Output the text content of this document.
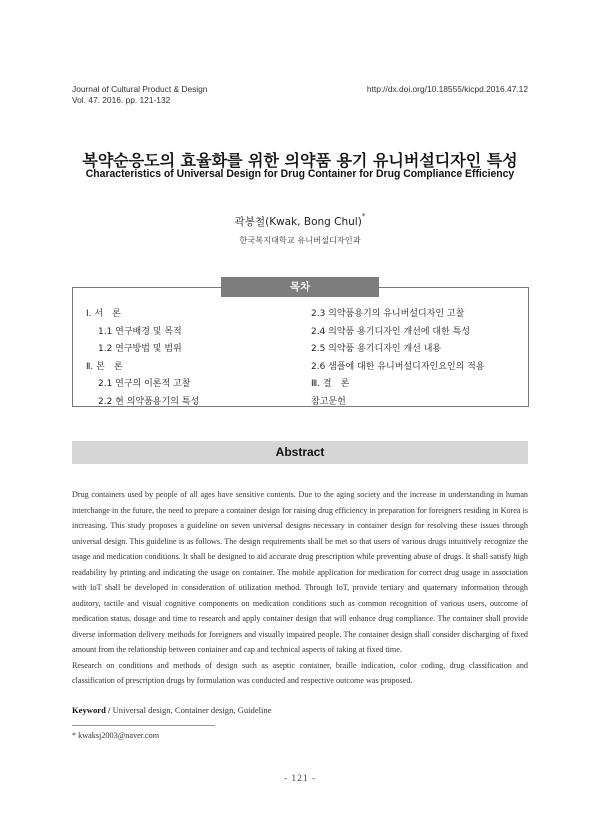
Journal of Cultural Product & Design
Vol. 47. 2016. pp. 121-132
http://dx.doi.org/10.18555/kicpd.2016.47.12
복약순응도의 효율화를 위한 의약품 용기 유니버설디자인 특성
Characteristics of Universal Design for Drug Container for Drug Compliance Efficiency
곽봉철(Kwak, Bong Chul)*
한국복지대학교 유니버설디자인과
목차
Ⅰ. 서　론
1.1 연구배경 및 목적
1.2 연구방법 및 범위
Ⅱ. 본　론
2.1 연구의 이론적 고찰
2.2 현 의약품용기의 특성
2.3 의약품용기의 유니버설디자인 고찰
2.4 의약품 용기디자인 개선에 대한 특성
2.5 의약품 용기디자인 개선 내용
2.6 샘플에 대한 유니버설디자인요인의 적용
Ⅲ. 결　론
참고문헌
Abstract

Drug containers used by people of all ages have sensitive contents. Due to the aging society and the increase in understanding in human interchange in the future, the need to prepare a container design for raising drug efficiency in preparation for foreigners residing in Korea is increasing. This study proposes a guideline on seven universal designs necessary in container design for resolving these issues through universal design. This guideline is as follows. The design requirements shall be met so that users of various drugs intuitively recognize the usage and medication conditions. It shall be designed to aid accurate drug prescription while preventing abuse of drugs. It shall satisfy high readability by printing and indicating the usage on container. The mobile application for medication for correct drug usage in association with IoT shall be developed in consideration of utilization method. Through IoT, provide tertiary and quaternary information through auditory, tactile and visual cognitive components on medication conditions such as common recognition of various users, outcome of medication status, dosage and time to research and apply container design that will enhance drug compliance. The container shall provide diverse information delivery methods for foreigners and visually impaired people. The container design shall consider discharging of fixed amount from the relationship between container and cap and technical aspects of taking at fixed time.

Research on conditions and methods of design such as aseptic container, braille indication, color coding, drug classification and classification of prescription drugs by formulation was conducted and respective outcome was proposed.

Keyword / Universal design, Container design, Guideline
* kwaksj2003@naver.com
- 121 -
